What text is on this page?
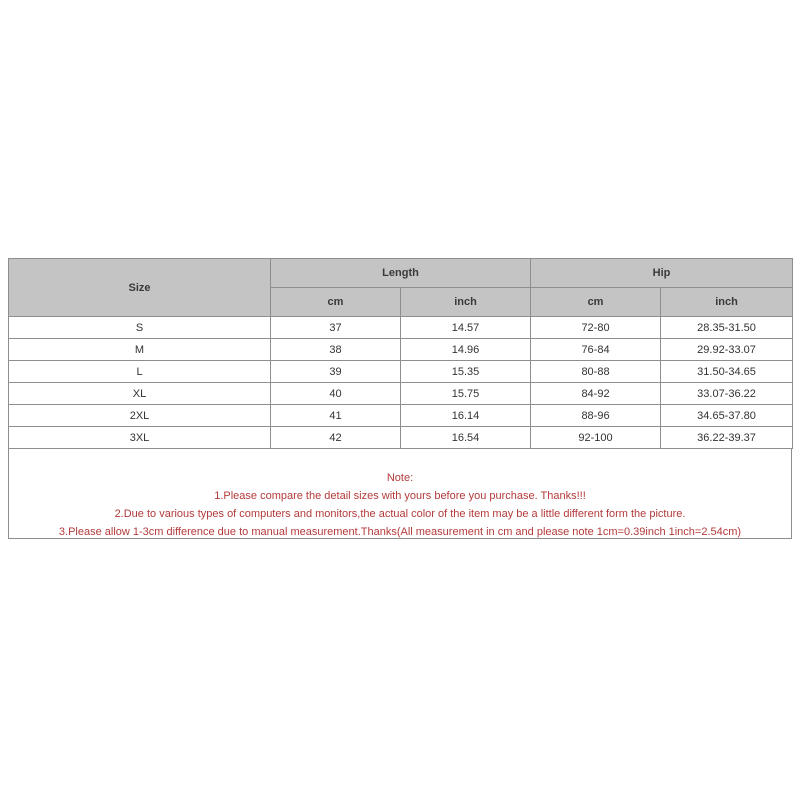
Size	Length		Hip	
	cm	inch	cm	inch
S	37	14.57	72-80	28.35-31.50
M	38	14.96	76-84	29.92-33.07
L	39	15.35	80-88	31.50-34.65
XL	40	15.75	84-92	33.07-36.22
2XL	41	16.14	88-96	34.65-37.80
3XL	42	16.54	92-100	36.22-39.37
Note:
1.Please compare the detail sizes with yours before you purchase. Thanks!!!
2.Due to various types of computers and monitors,the actual color of the item may be a little different form the picture.
3.Please allow 1-3cm difference due to manual measurement.Thanks(All measurement in cm and please note 1cm=0.39inch 1inch=2.54cm)
